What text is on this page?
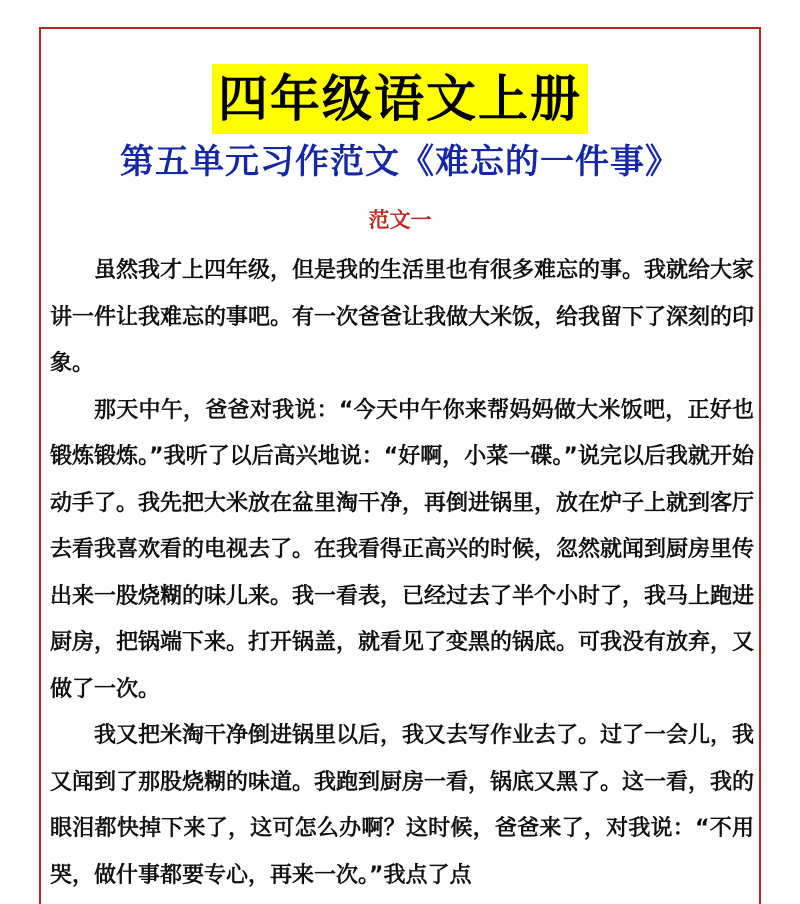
四年级语文上册
第五单元习作范文《难忘的一件事》
范文一

虽然我才上四年级，但是我的生活里也有很多难忘的事。我就给大家讲一件让我难忘的事吧。有一次爸爸让我做大米饭，给我留下了深刻的印象。

那天中午，爸爸对我说：“今天中午你来帮妈妈做大米饭吧，正好也锻炼锻炼。”我听了以后高兴地说：“好啊，小菜一碟。”说完以后我就开始动手了。我先把大米放在盆里淘干净，再倒进锅里，放在炉子上就到客厅去看我喜欢看的电视去了。在我看得正高兴的时候，忽然就闻到厨房里传出来一股烧糊的味儿来。我一看表，已经过去了半个小时了，我马上跑进厨房，把锅端下来。打开锅盖，就看见了变黑的锅底。可我没有放弃，又做了一次。

我又把米淘干净倒进锅里以后，我又去写作业去了。过了一会儿，我又闻到了那股烧糊的味道。我跑到厨房一看，锅底又黑了。这一看，我的眼泪都快掉下来了，这可怎么办啊？这时候，爸爸来了，对我说：“不用哭，做什事都要专心，再来一次。”我点了点
